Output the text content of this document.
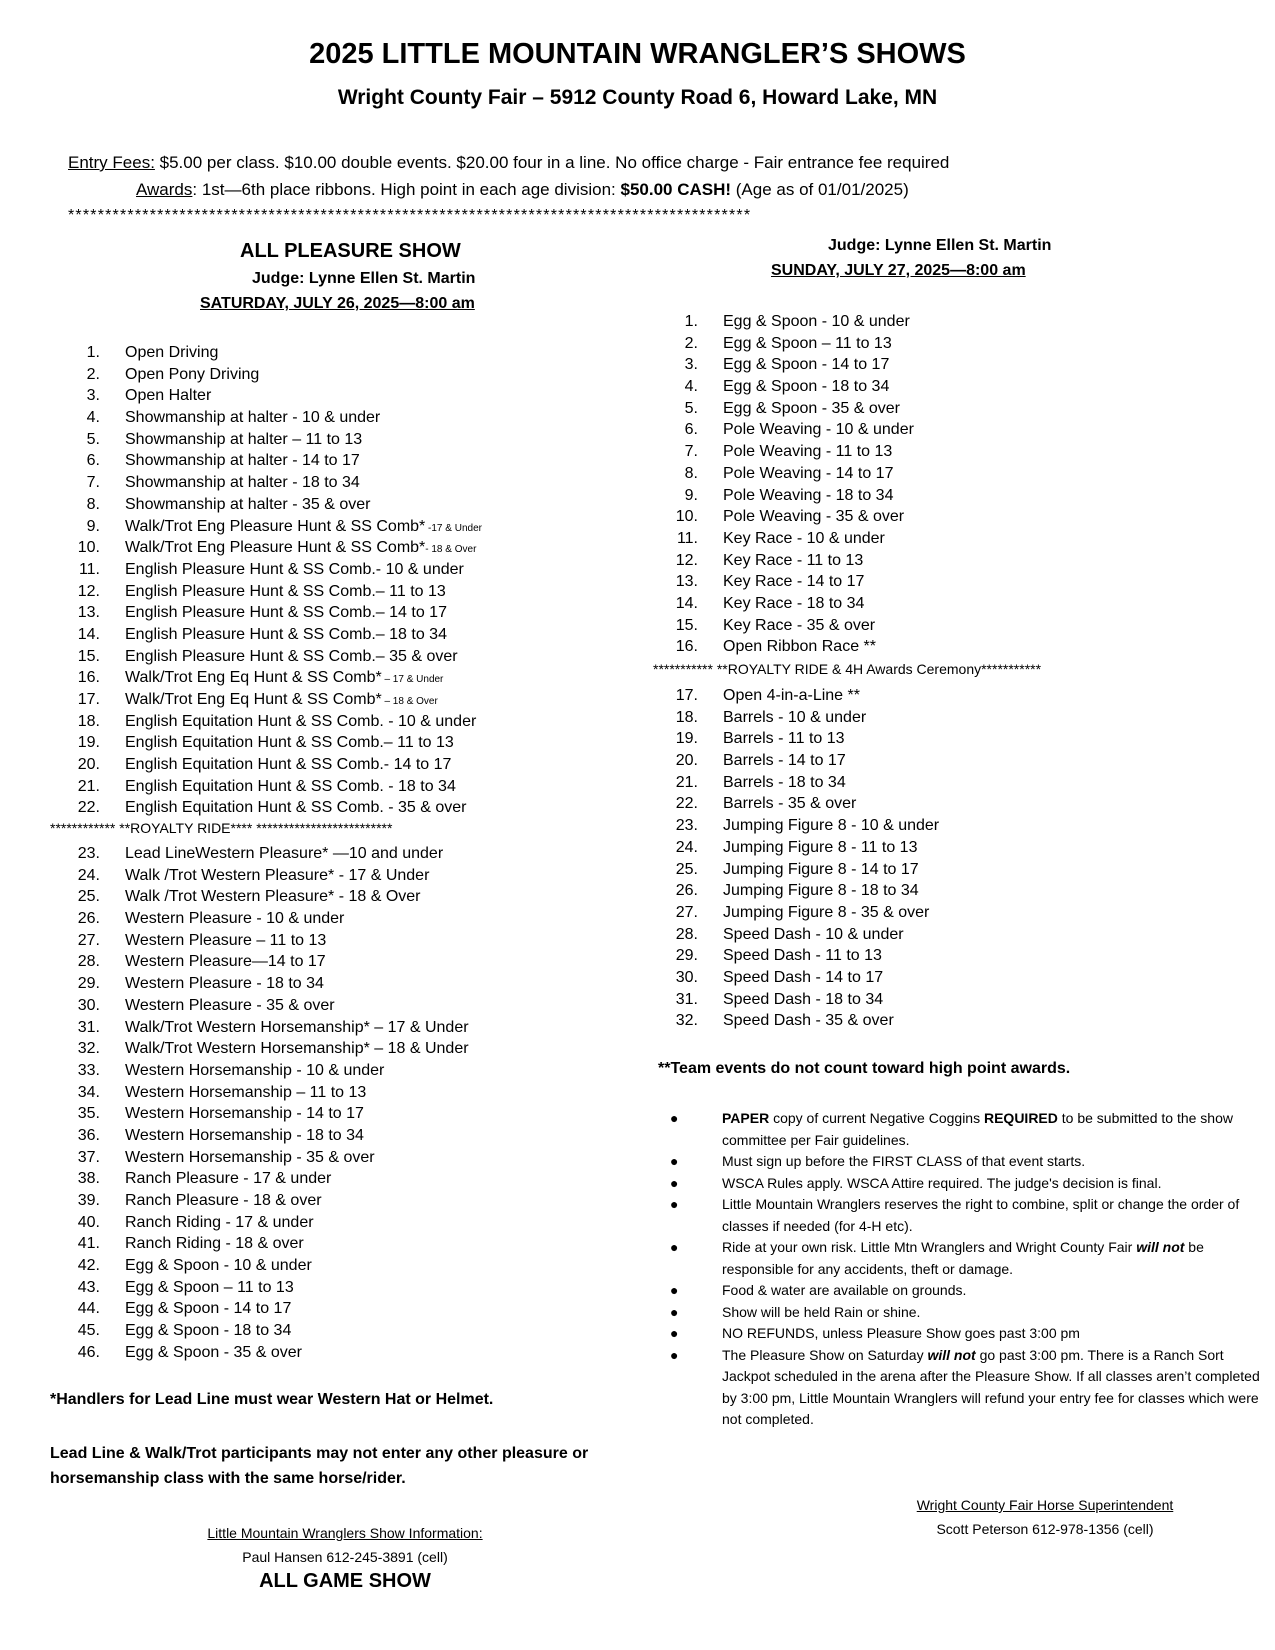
2025 LITTLE MOUNTAIN WRANGLER’S SHOWS
Wright County Fair – 5912 County Road 6, Howard Lake, MN
Entry Fees: $5.00 per class. $10.00 double events. $20.00 four in a line. No office charge - Fair entrance fee required
Awards: 1st—6th place ribbons. High point in each age division: $50.00 CASH! (Age as of 01/01/2025)
********************************************************************************************
ALL PLEASURE SHOW
Judge: Lynne Ellen St. Martin
SATURDAY, JULY 26, 2025—8:00 am
1. Open Driving
2. Open Pony Driving
3. Open Halter
4. Showmanship at halter - 10 & under
5. Showmanship at halter – 11 to 13
6. Showmanship at halter - 14 to 17
7. Showmanship at halter - 18 to 34
8. Showmanship at halter - 35 & over
9. Walk/Trot Eng Pleasure Hunt & SS Comb* -17 & Under
10. Walk/Trot Eng Pleasure Hunt & SS Comb*- 18 & Over
11. English Pleasure Hunt & SS Comb.- 10 & under
12. English Pleasure Hunt & SS Comb.– 11 to 13
13. English Pleasure Hunt & SS Comb.– 14 to 17
14. English Pleasure Hunt & SS Comb.– 18 to 34
15. English Pleasure Hunt & SS Comb.– 35 & over
16. Walk/Trot Eng Eq Hunt & SS Comb* – 17 & Under
17. Walk/Trot Eng Eq Hunt & SS Comb* – 18 & Over
18. English Equitation Hunt & SS Comb. - 10 & under
19. English Equitation Hunt & SS Comb.– 11 to 13
20. English Equitation Hunt & SS Comb.- 14 to 17
21. English Equitation Hunt & SS Comb. - 18 to 34
22. English Equitation Hunt & SS Comb. - 35 & over
************ **ROYALTY RIDE**** *************************
23. Lead LineWestern Pleasure* —10 and under
24. Walk /Trot Western Pleasure* - 17 & Under
25. Walk /Trot Western Pleasure* - 18 & Over
26. Western Pleasure - 10 & under
27. Western Pleasure – 11 to 13
28. Western Pleasure—14 to 17
29. Western Pleasure - 18 to 34
30. Western Pleasure - 35 & over
31. Walk/Trot Western Horsemanship* – 17 & Under
32. Walk/Trot Western Horsemanship* – 18 & Under
33. Western Horsemanship - 10 & under
34. Western Horsemanship – 11 to 13
35. Western Horsemanship - 14 to 17
36. Western Horsemanship - 18 to 34
37. Western Horsemanship - 35 & over
38. Ranch Pleasure - 17 & under
39. Ranch Pleasure - 18 & over
40. Ranch Riding - 17 & under
41. Ranch Riding - 18 & over
42. Egg & Spoon - 10 & under
43. Egg & Spoon – 11 to 13
44. Egg & Spoon - 14 to 17
45. Egg & Spoon - 18 to 34
46. Egg & Spoon - 35 & over
Judge: Lynne Ellen St. Martin
SUNDAY, JULY 27, 2025—8:00 am
1. Egg & Spoon - 10 & under
2. Egg & Spoon – 11 to 13
3. Egg & Spoon - 14 to 17
4. Egg & Spoon - 18 to 34
5. Egg & Spoon - 35 & over
6. Pole Weaving - 10 & under
7. Pole Weaving - 11 to 13
8. Pole Weaving - 14 to 17
9. Pole Weaving - 18 to 34
10. Pole Weaving - 35 & over
11. Key Race - 10 & under
12. Key Race - 11 to 13
13. Key Race - 14 to 17
14. Key Race - 18 to 34
15. Key Race - 35 & over
16. Open Ribbon Race **
*********** **ROYALTY RIDE & 4H Awards Ceremony***********
17. Open 4-in-a-Line **
18. Barrels - 10 & under
19. Barrels - 11 to 13
20. Barrels - 14 to 17
21. Barrels - 18 to 34
22. Barrels - 35 & over
23. Jumping Figure 8 - 10 & under
24. Jumping Figure 8 - 11 to 13
25. Jumping Figure 8 - 14 to 17
26. Jumping Figure 8 - 18 to 34
27. Jumping Figure 8 - 35 & over
28. Speed Dash - 10 & under
29. Speed Dash - 11 to 13
30. Speed Dash - 14 to 17
31. Speed Dash - 18 to 34
32. Speed Dash - 35 & over
**Team events do not count toward high point awards.
●	PAPER copy of current Negative Coggins REQUIRED to be submitted to the show committee per Fair guidelines.
●	Must sign up before the FIRST CLASS of that event starts.
●	WSCA Rules apply. WSCA Attire required. The judge's decision is final.
●	Little Mountain Wranglers reserves the right to combine, split or change the order of classes if needed (for 4-H etc).
●	Ride at your own risk. Little Mtn Wranglers and Wright County Fair will not be responsible for any accidents, theft or damage.
●	Food & water are available on grounds.
●	Show will be held Rain or shine.
●	NO REFUNDS, unless Pleasure Show goes past 3:00 pm
●	The Pleasure Show on Saturday will not go past 3:00 pm. There is a Ranch Sort Jackpot scheduled in the arena after the Pleasure Show. If all classes aren’t completed by 3:00 pm, Little Mountain Wranglers will refund your entry fee for classes which were not completed.
*Handlers for Lead Line must wear Western Hat or Helmet.
Lead Line & Walk/Trot participants may not enter any other pleasure or horsemanship class with the same horse/rider.
Little Mountain Wranglers Show Information:
Paul Hansen 612-245-3891 (cell)
ALL GAME SHOW
Wright County Fair Horse Superintendent
Scott Peterson 612-978-1356 (cell)
